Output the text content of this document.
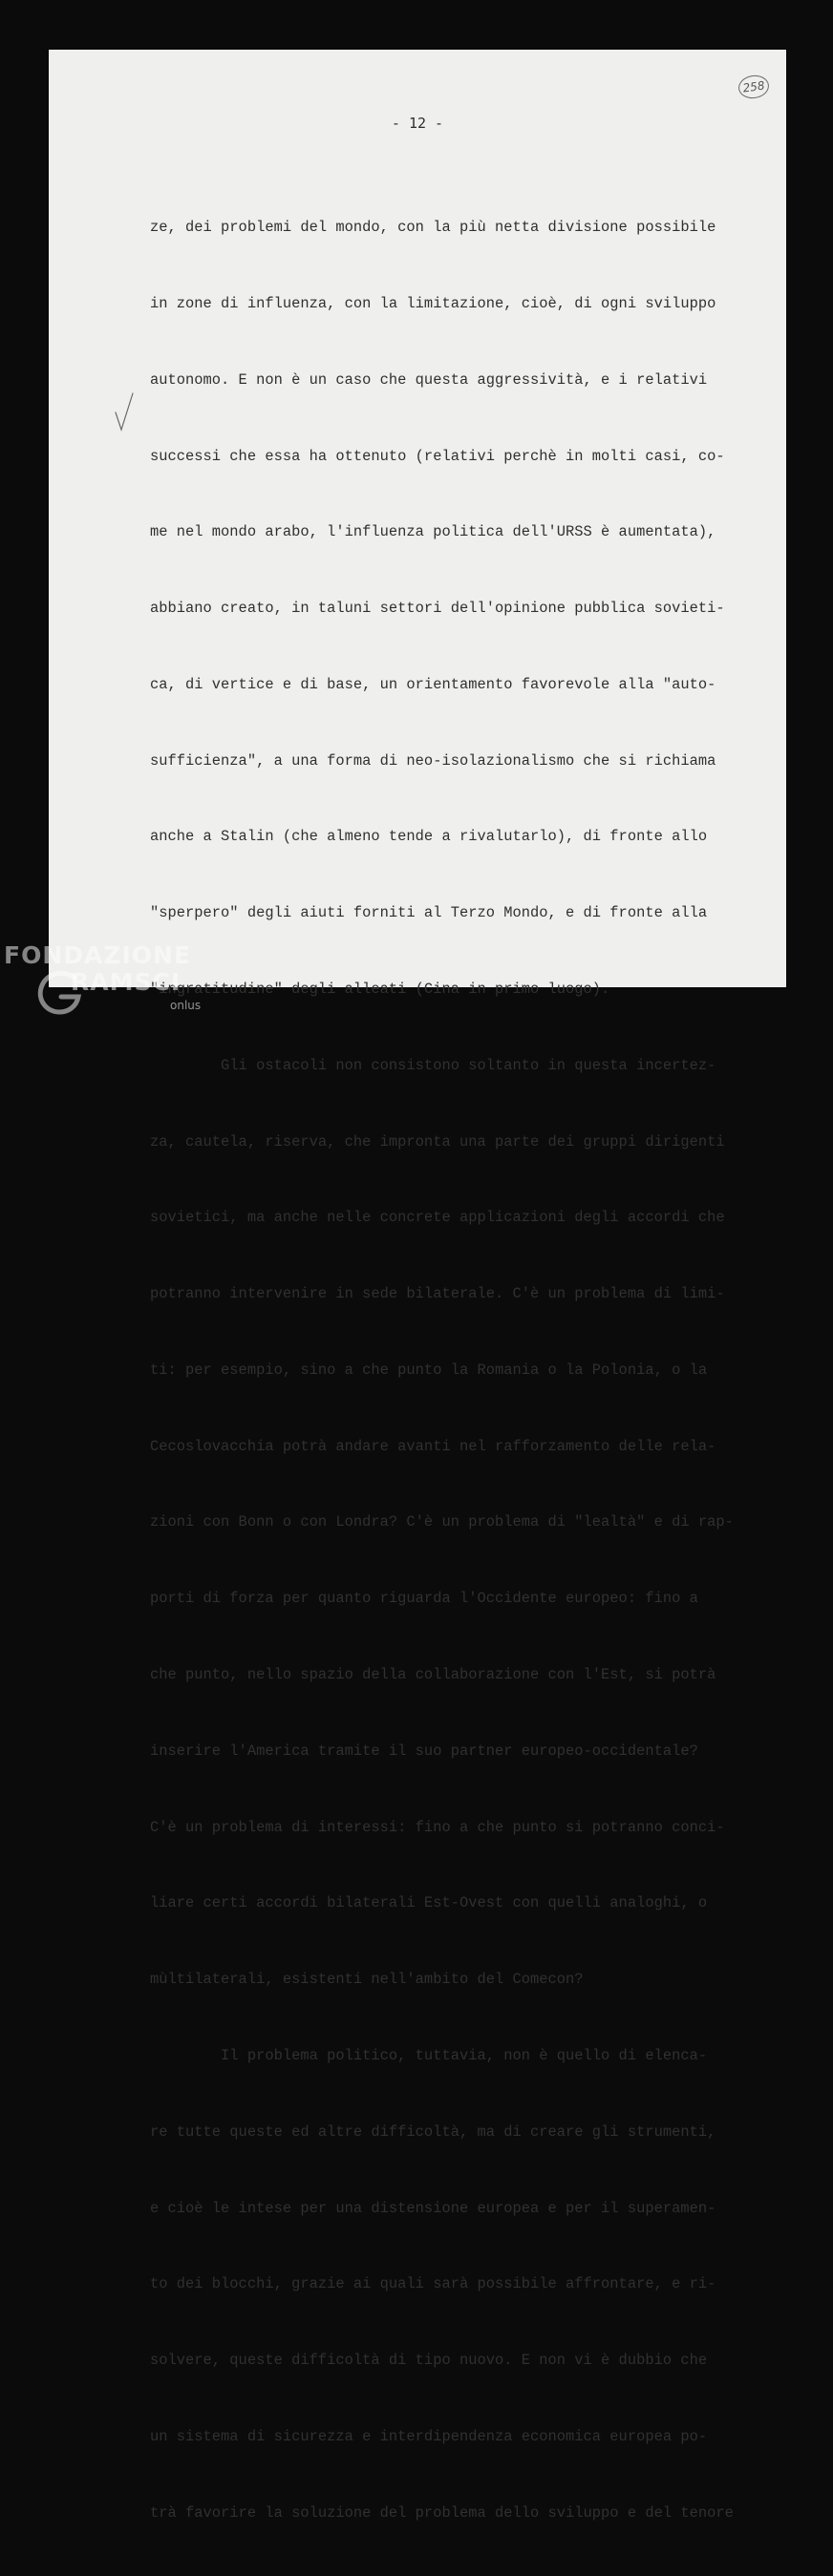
258
- 12 -

ze, dei problemi del mondo, con la più netta divisione possibile

in zone di influenza, con la limitazione, cioè, di ogni sviluppo

autonomo. E non è un caso che questa aggressività, e i relativi

successi che essa ha ottenuto (relativi perchè in molti casi, co-

me nel mondo arabo, l'influenza politica dell'URSS è aumentata),

abbiano creato, in taluni settori dell'opinione pubblica sovieti-

ca, di vertice e di base, un orientamento favorevole alla "auto-

sufficienza", a una forma di neo-isolazionalismo che si richiama

anche a Stalin (che almeno tende a rivalutarlo), di fronte allo

"sperpero" degli aiuti forniti al Terzo Mondo, e di fronte alla

"ingratitudine" degli alleati (Cina in primo luogo).

Gli ostacoli non consistono soltanto in questa incertez-

za, cautela, riserva, che impronta una parte dei gruppi dirigenti

sovietici, ma anche nelle concrete applicazioni degli accordi che

potranno intervenire in sede bilaterale. C'è un problema di limi-

ti: per esempio, sino a che punto la Romania o la Polonia, o la

Cecoslovacchia potrà andare avanti nel rafforzamento delle rela-

zioni con Bonn o con Londra? C'è un problema di "lealtà" e di rap-

porti di forza per quanto riguarda l'Occidente europeo: fino a

che punto, nello spazio della collaborazione con l'Est, si potrà

inserire l'America tramite il suo partner europeo-occidentale?

C'è un problema di interessi: fino a che punto si potranno conci-

liare certi accordi bilaterali Est-Ovest con quelli analoghi, o

mùltilaterali, esistenti nell'ambito del Comecon?

Il problema politico, tuttavia, non è quello di elenca-

re tutte queste ed altre difficoltà, ma di creare gli strumenti,

e cioè le intese per una distensione europea e per il superamen-

to dei blocchi, grazie ai quali sarà possibile affrontare, e ri-

solvere, queste difficoltà di tipo nuovo. E non vi è dubbio che

un sistema di sicurezza e interdipendenza economica europea po-

trà favorire la soluzione del problema dello sviluppo e del tenore

FONDAZIONE
RAMSCI
onlus
